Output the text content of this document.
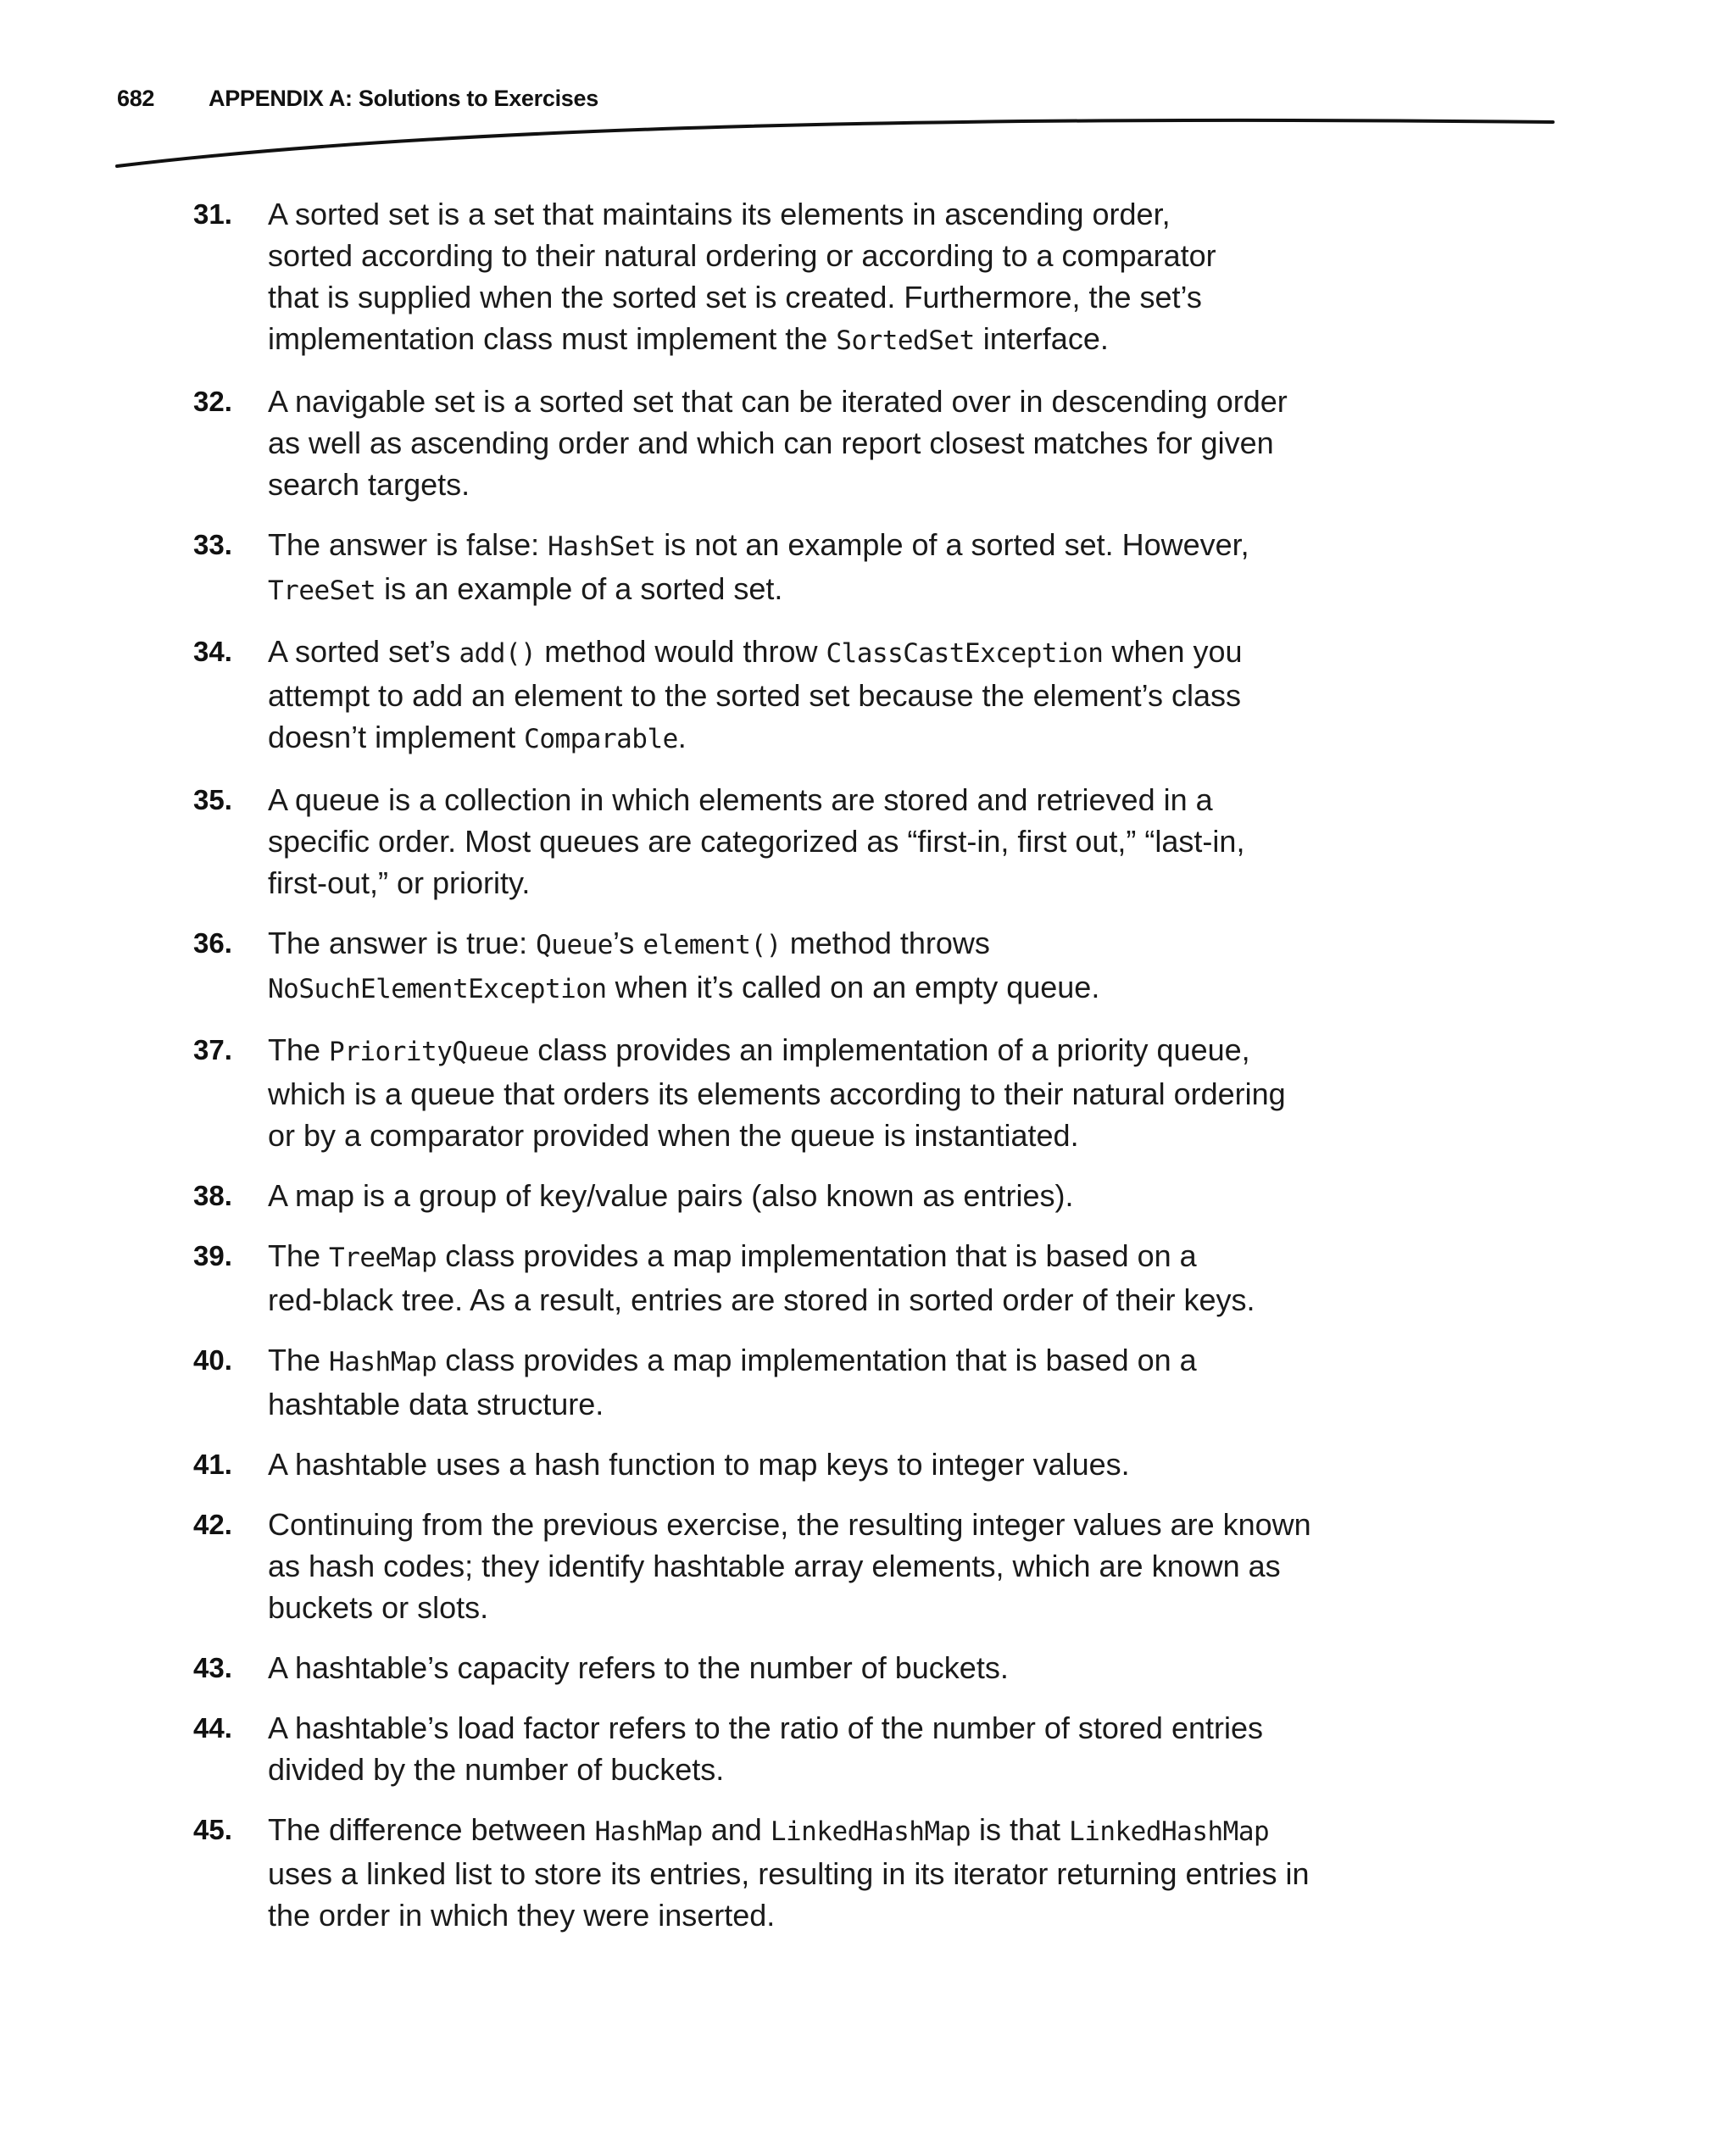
682	APPENDIX A: Solutions to Exercises
31.	A sorted set is a set that maintains its elements in ascending order,
sorted according to their natural ordering or according to a comparator
that is supplied when the sorted set is created. Furthermore, the set’s
implementation class must implement the SortedSet interface.
32.	A navigable set is a sorted set that can be iterated over in descending order
as well as ascending order and which can report closest matches for given
search targets.
33.	The answer is false: HashSet is not an example of a sorted set. However,
TreeSet is an example of a sorted set.
34.	A sorted set’s add() method would throw ClassCastException when you
attempt to add an element to the sorted set because the element’s class
doesn’t implement Comparable.
35.	A queue is a collection in which elements are stored and retrieved in a
specific order. Most queues are categorized as “first-in, first out,” “last-in,
first-out,” or priority.
36.	The answer is true: Queue’s element() method throws
NoSuchElementException when it’s called on an empty queue.
37.	The PriorityQueue class provides an implementation of a priority queue,
which is a queue that orders its elements according to their natural ordering
or by a comparator provided when the queue is instantiated.
38.	A map is a group of key/value pairs (also known as entries).
39.	The TreeMap class provides a map implementation that is based on a
red-black tree. As a result, entries are stored in sorted order of their keys.
40.	The HashMap class provides a map implementation that is based on a
hashtable data structure.
41.	A hashtable uses a hash function to map keys to integer values.
42.	Continuing from the previous exercise, the resulting integer values are known
as hash codes; they identify hashtable array elements, which are known as
buckets or slots.
43.	A hashtable’s capacity refers to the number of buckets.
44.	A hashtable’s load factor refers to the ratio of the number of stored entries
divided by the number of buckets.
45.	The difference between HashMap and LinkedHashMap is that LinkedHashMap
uses a linked list to store its entries, resulting in its iterator returning entries in
the order in which they were inserted.
